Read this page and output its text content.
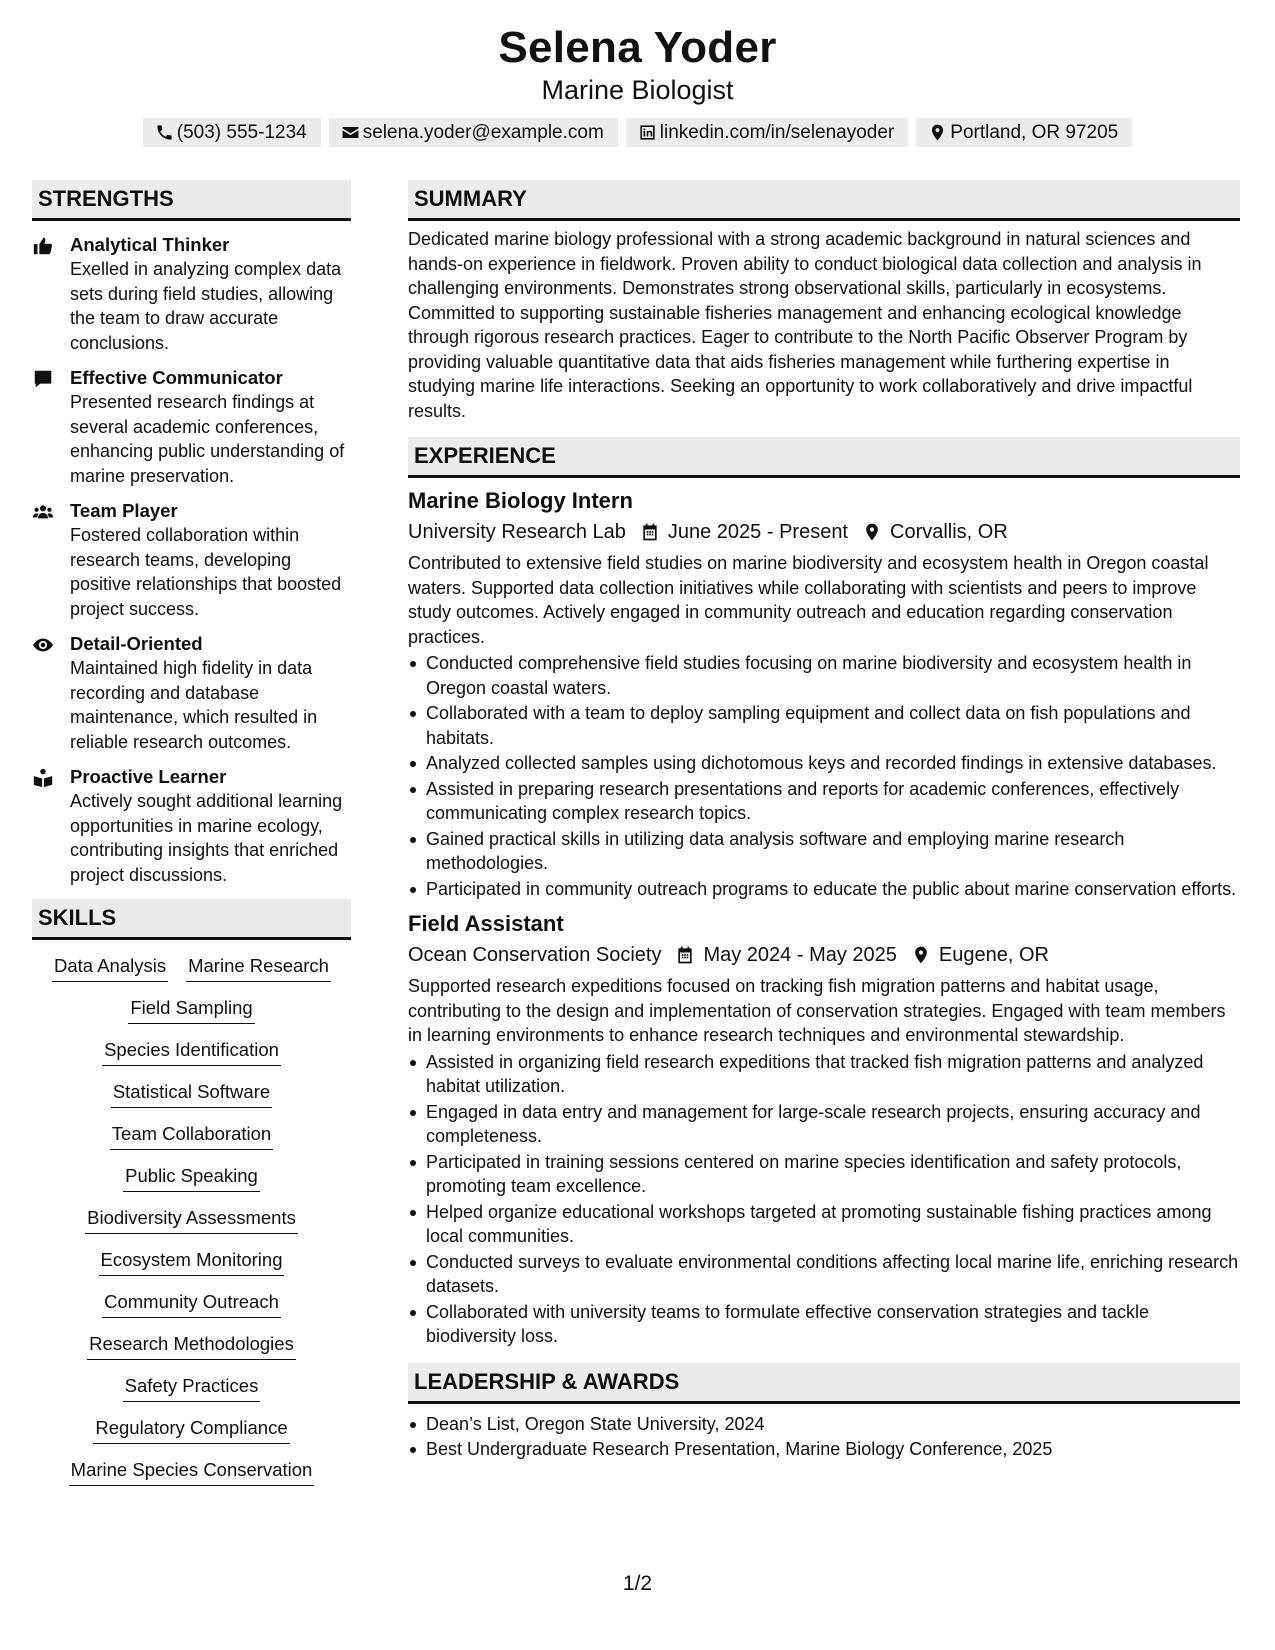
Selena Yoder
Marine Biologist
(503) 555-1234	selena.yoder@example.com	linkedin.com/in/selenayoder	Portland, OR 97205
STRENGTHS
Analytical Thinker
Exelled in analyzing complex data sets during field studies, allowing the team to draw accurate conclusions.
Effective Communicator
Presented research findings at several academic conferences, enhancing public understanding of marine preservation.
Team Player
Fostered collaboration within research teams, developing positive relationships that boosted project success.
Detail-Oriented
Maintained high fidelity in data recording and database maintenance, which resulted in reliable research outcomes.
Proactive Learner
Actively sought additional learning opportunities in marine ecology, contributing insights that enriched project discussions.
SKILLS
Data Analysis Marine Research
Field Sampling
Species Identification
Statistical Software
Team Collaboration
Public Speaking
Biodiversity Assessments
Ecosystem Monitoring
Community Outreach
Research Methodologies
Safety Practices
Regulatory Compliance
Marine Species Conservation
SUMMARY
Dedicated marine biology professional with a strong academic background in natural sciences and hands-on experience in fieldwork. Proven ability to conduct biological data collection and analysis in challenging environments. Demonstrates strong observational skills, particularly in ecosystems. Committed to supporting sustainable fisheries management and enhancing ecological knowledge through rigorous research practices. Eager to contribute to the North Pacific Observer Program by providing valuable quantitative data that aids fisheries management while furthering expertise in studying marine life interactions. Seeking an opportunity to work collaboratively and drive impactful results.
EXPERIENCE
Marine Biology Intern
University Research Lab June 2025 - Present Corvallis, OR
Contributed to extensive field studies on marine biodiversity and ecosystem health in Oregon coastal waters. Supported data collection initiatives while collaborating with scientists and peers to improve study outcomes. Actively engaged in community outreach and education regarding conservation practices.
Conducted comprehensive field studies focusing on marine biodiversity and ecosystem health in Oregon coastal waters.
Collaborated with a team to deploy sampling equipment and collect data on fish populations and habitats.
Analyzed collected samples using dichotomous keys and recorded findings in extensive databases.
Assisted in preparing research presentations and reports for academic conferences, effectively communicating complex research topics.
Gained practical skills in utilizing data analysis software and employing marine research methodologies.
Participated in community outreach programs to educate the public about marine conservation efforts.
Field Assistant
Ocean Conservation Society May 2024 - May 2025 Eugene, OR
Supported research expeditions focused on tracking fish migration patterns and habitat usage, contributing to the design and implementation of conservation strategies. Engaged with team members in learning environments to enhance research techniques and environmental stewardship.
Assisted in organizing field research expeditions that tracked fish migration patterns and analyzed habitat utilization.
Engaged in data entry and management for large-scale research projects, ensuring accuracy and completeness.
Participated in training sessions centered on marine species identification and safety protocols, promoting team excellence.
Helped organize educational workshops targeted at promoting sustainable fishing practices among local communities.
Conducted surveys to evaluate environmental conditions affecting local marine life, enriching research datasets.
Collaborated with university teams to formulate effective conservation strategies and tackle biodiversity loss.
LEADERSHIP & AWARDS
Dean’s List, Oregon State University, 2024
Best Undergraduate Research Presentation, Marine Biology Conference, 2025
1/2
